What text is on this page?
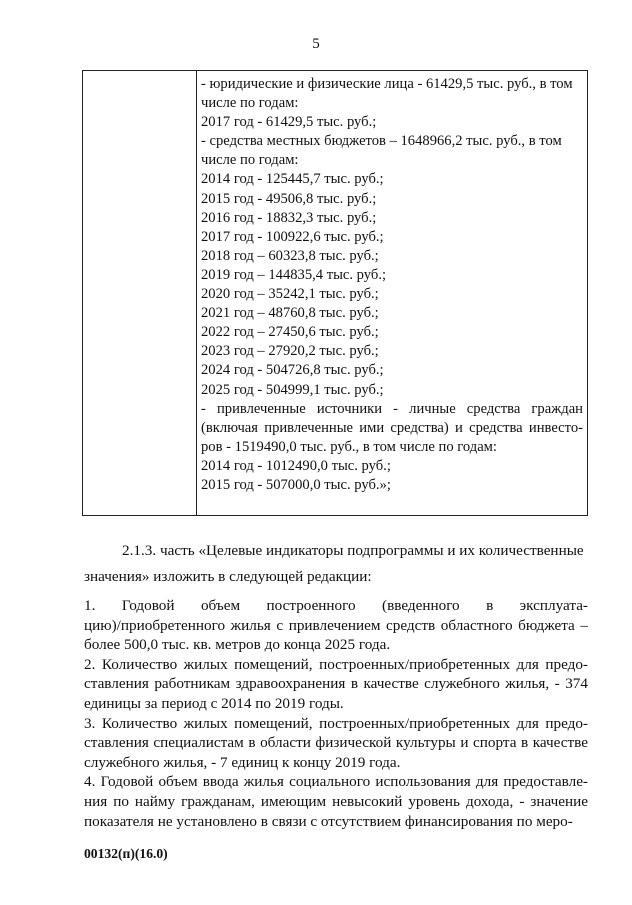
5
- юридические и физические лица - 61429,5 тыс. руб., в том
числе по годам:
2017 год - 61429,5 тыс. руб.;
- средства местных бюджетов – 1648966,2 тыс. руб., в том
числе по годам:
2014 год - 125445,7 тыс. руб.;
2015 год - 49506,8 тыс. руб.;
2016 год - 18832,3 тыс. руб.;
2017 год - 100922,6 тыс. руб.;
2018 год – 60323,8 тыс. руб.;
2019 год – 144835,4 тыс. руб.;
2020 год – 35242,1 тыс. руб.;
2021 год – 48760,8 тыс. руб.;
2022 год – 27450,6 тыс. руб.;
2023 год – 27920,2 тыс. руб.;
2024 год - 504726,8 тыс. руб.;
2025 год - 504999,1 тыс. руб.;
- привлеченные источники - личные средства граждан (включая привлеченные ими средства) и средства инвесто-ров - 1519490,0 тыс. руб., в том числе по годам:
2014 год - 1012490,0 тыс. руб.;
2015 год - 507000,0 тыс. руб.»;
2.1.3. часть «Целевые индикаторы подпрограммы и их количественные
значения» изложить в следующей редакции:

1. Годовой объем построенного (введенного в эксплуата-

цию)/приобретенного жилья с привлечением средств областного бюджета – более 500,0 тыс. кв. метров до конца 2025 года.

2. Количество жилых помещений, построенных/приобретенных для предо-ставления работникам здравоохранения в качестве служебного жилья, - 374 единицы за период с 2014 по 2019 годы.

3. Количество жилых помещений, построенных/приобретенных для предо-ставления специалистам в области физической культуры и спорта в качестве служебного жилья, - 7 единиц к концу 2019 года.

4. Годовой объем ввода жилья социального использования для предоставле-ния по найму гражданам, имеющим невысокий уровень дохода, - значение показателя не установлено в связи с отсутствием финансирования по меро-

00132(п)(16.0)
